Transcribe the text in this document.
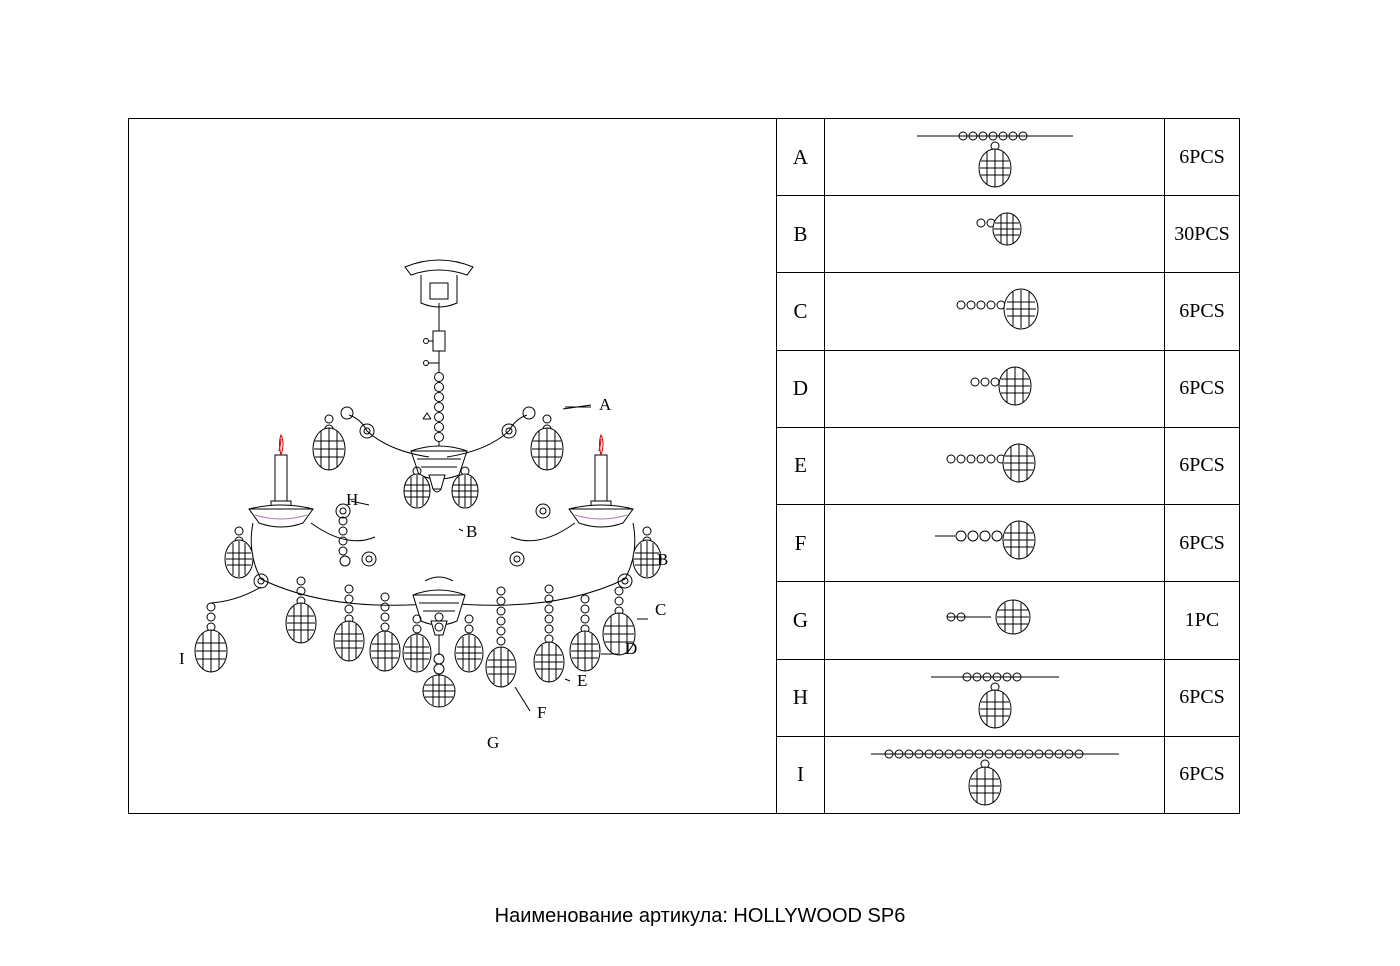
A
H
B
B
C
D
E
F
G
I
A	6PCS
B	30PCS
C	6PCS
D	6PCS
E	6PCS
F	6PCS
G	1PC
H	6PCS
I	6PCS
Наименование артикула: HOLLYWOOD SP6
